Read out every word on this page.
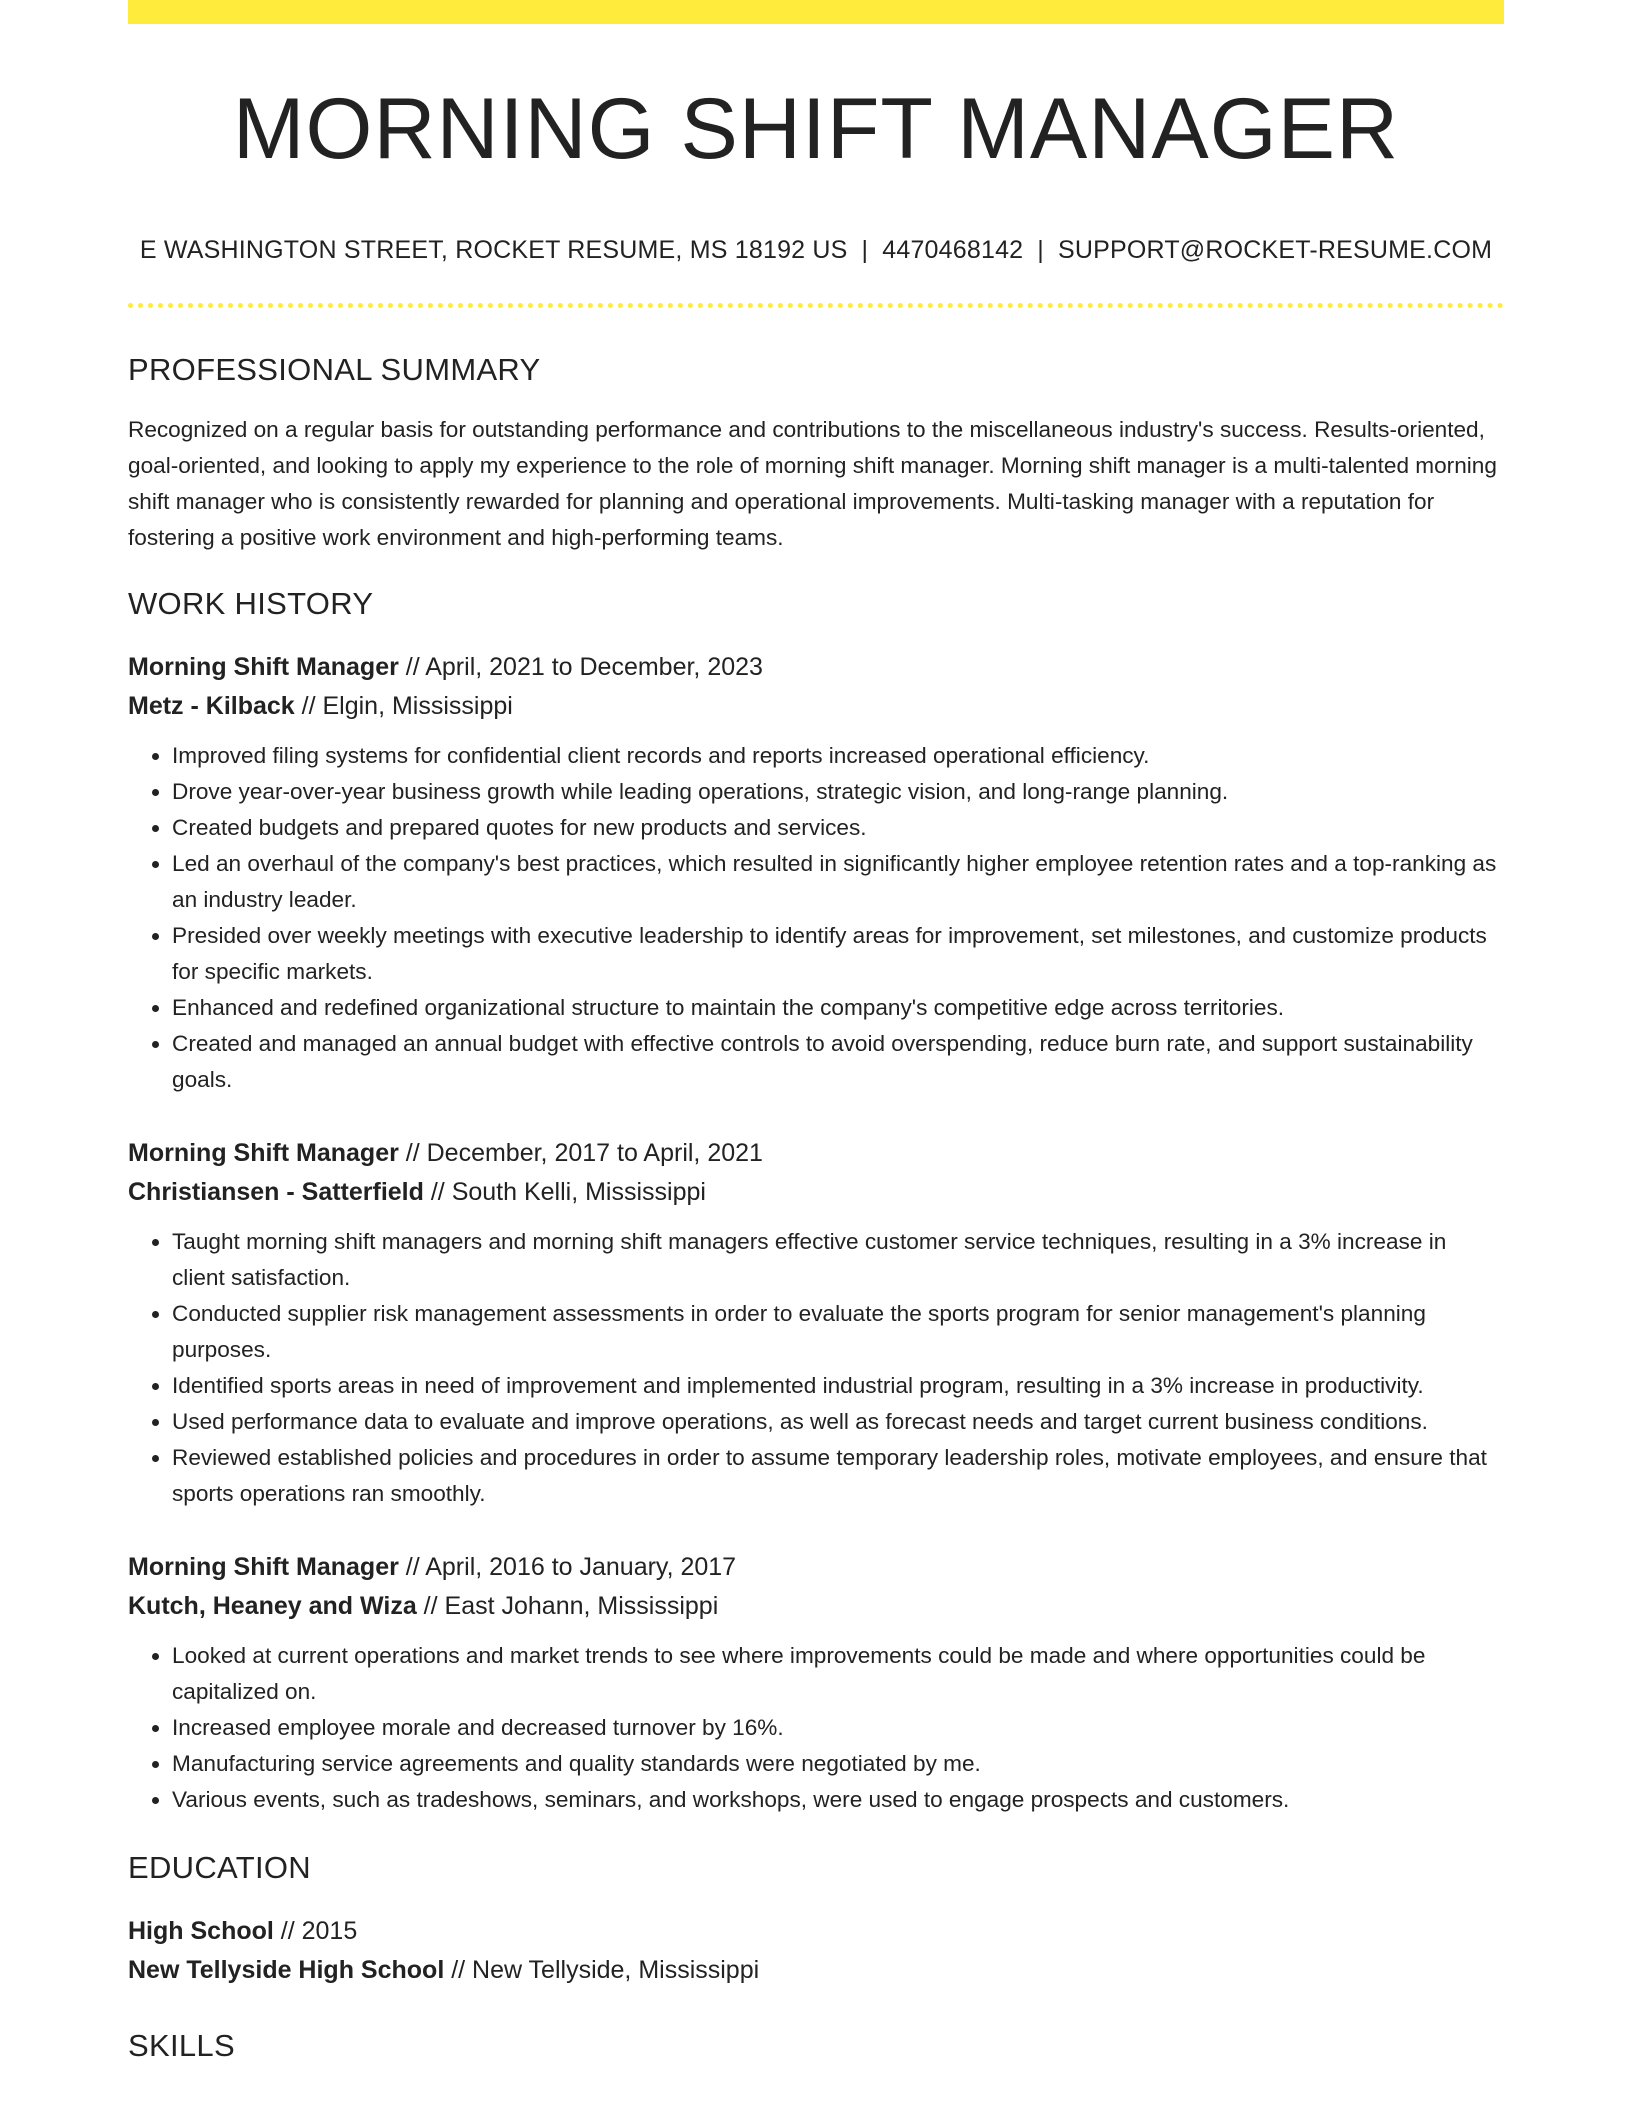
MORNING SHIFT MANAGER
E WASHINGTON STREET, ROCKET RESUME, MS 18192 US | 4470468142 | SUPPORT@ROCKET-RESUME.COM
PROFESSIONAL SUMMARY

Recognized on a regular basis for outstanding performance and contributions to the miscellaneous industry's success. Results-oriented, goal-oriented, and looking to apply my experience to the role of morning shift manager. Morning shift manager is a multi-talented morning shift manager who is consistently rewarded for planning and operational improvements. Multi-tasking manager with a reputation for fostering a positive work environment and high-performing teams.

WORK HISTORY
Morning Shift Manager // April, 2021 to December, 2023
Metz - Kilback // Elgin, Mississippi
• Improved filing systems for confidential client records and reports increased operational efficiency.
• Drove year-over-year business growth while leading operations, strategic vision, and long-range planning.
• Created budgets and prepared quotes for new products and services.
• Led an overhaul of the company's best practices, which resulted in significantly higher employee retention rates and a top-ranking as an industry leader.
• Presided over weekly meetings with executive leadership to identify areas for improvement, set milestones, and customize products for specific markets.
• Enhanced and redefined organizational structure to maintain the company's competitive edge across territories.
• Created and managed an annual budget with effective controls to avoid overspending, reduce burn rate, and support sustainability goals.
Morning Shift Manager // December, 2017 to April, 2021
Christiansen - Satterfield // South Kelli, Mississippi
• Taught morning shift managers and morning shift managers effective customer service techniques, resulting in a 3% increase in client satisfaction.
• Conducted supplier risk management assessments in order to evaluate the sports program for senior management's planning purposes.
• Identified sports areas in need of improvement and implemented industrial program, resulting in a 3% increase in productivity.
• Used performance data to evaluate and improve operations, as well as forecast needs and target current business conditions.
• Reviewed established policies and procedures in order to assume temporary leadership roles, motivate employees, and ensure that sports operations ran smoothly.
Morning Shift Manager // April, 2016 to January, 2017
Kutch, Heaney and Wiza // East Johann, Mississippi
• Looked at current operations and market trends to see where improvements could be made and where opportunities could be capitalized on.
• Increased employee morale and decreased turnover by 16%.
• Manufacturing service agreements and quality standards were negotiated by me.
• Various events, such as tradeshows, seminars, and workshops, were used to engage prospects and customers.
EDUCATION
High School // 2015
New Tellyside High School // New Tellyside, Mississippi
SKILLS
